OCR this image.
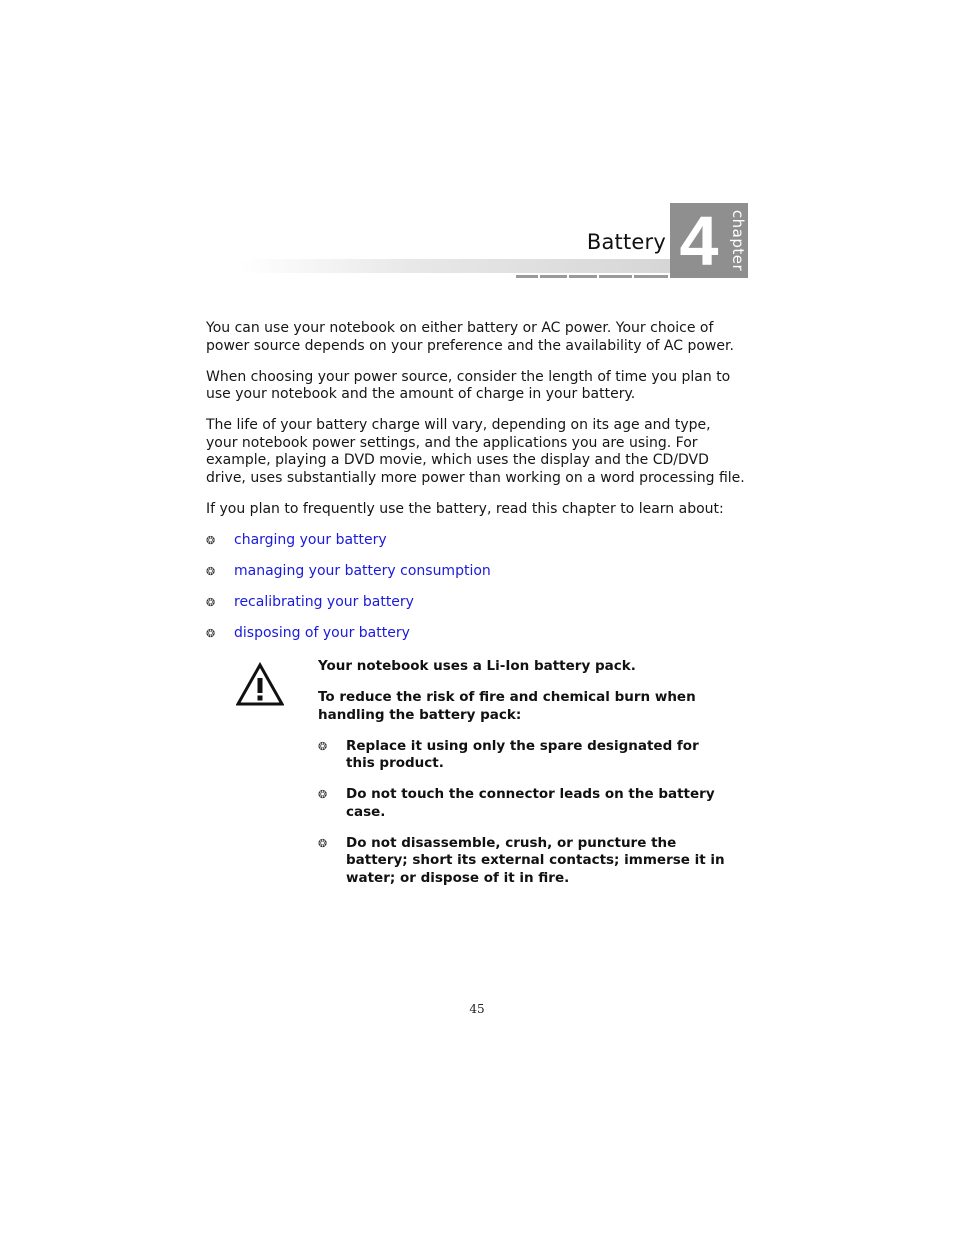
Battery 4 chapter

You can use your notebook on either battery or AC power. Your choice of power source depends on your preference and the availability of AC power.

When choosing your power source, consider the length of time you plan to use your notebook and the amount of charge in your battery.

The life of your battery charge will vary, depending on its age and type, your notebook power settings, and the applications you are using. For example, playing a DVD movie, which uses the display and the CD/DVD drive, uses substantially more power than working on a word processing file.

If you plan to frequently use the battery, read this chapter to learn about:

❂ charging your battery
❂ managing your battery consumption
❂ recalibrating your battery
❂ disposing of your battery

Your notebook uses a Li-Ion battery pack.

To reduce the risk of fire and chemical burn when handling the battery pack:

❂ Replace it using only the spare designated for this product.
❂ Do not touch the connector leads on the battery case.
❂ Do not disassemble, crush, or puncture the battery; short its external contacts; immerse it in water; or dispose of it in fire.
45
